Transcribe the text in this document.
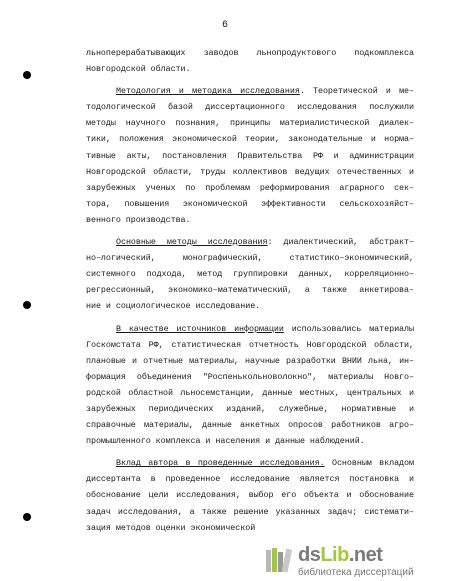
6
льноперерабатывающих заводов льнопродуктового подкомплекса
Новгородской области.
Методология и методика исследования. Теоретической и ме–
тодологической базой диссертационного исследования послужили
методы научного познания, принципы материалистической диалек–
тики, положения экономической теории, законодательные и норма–
тивные акты, постановления Правительства РФ и администрации
Новгородской области, труды коллективов ведущих отечественных и
зарубежных ученых по проблемам реформирования аграрного сек–
тора, повышения экономической эффективности сельскохозяйст–
венного производства.
Основные методы исследования: диалектический, абстракт–
но–логический, монографический, статистико–экономический,
системного подхода, метод группировки данных, корреляционно–
регрессионный, экономико–математический, а также анкетирова–
ние и социологическое исследование.
В качестве источников информации использовались материалы
Госкомстата РФ, статистическая отчетность Новгородской области,
плановые и отчетные материалы, научные разработки ВНИИ льна, ин–
формация объединения "Роспенькольноволокно", материалы Новго–
родской областной льносемстанции, данные местных, центральных и
зарубежных периодических изданий, служебные, нормативные и
справочные материалы, данные анкетных опросов работников агро–
промышленного комплекса и населения и данные наблюдений.
Вклад автора в проведенные исследования. Основным вкладом
диссертанта в проведенное исследование является постановка и
обоснование цели исследования, выбор его объекта и обоснование
задач исследования, а также решение указанных задач; системати–
зация методов оценки экономической
dsLib.net
библиотека диссертаций
